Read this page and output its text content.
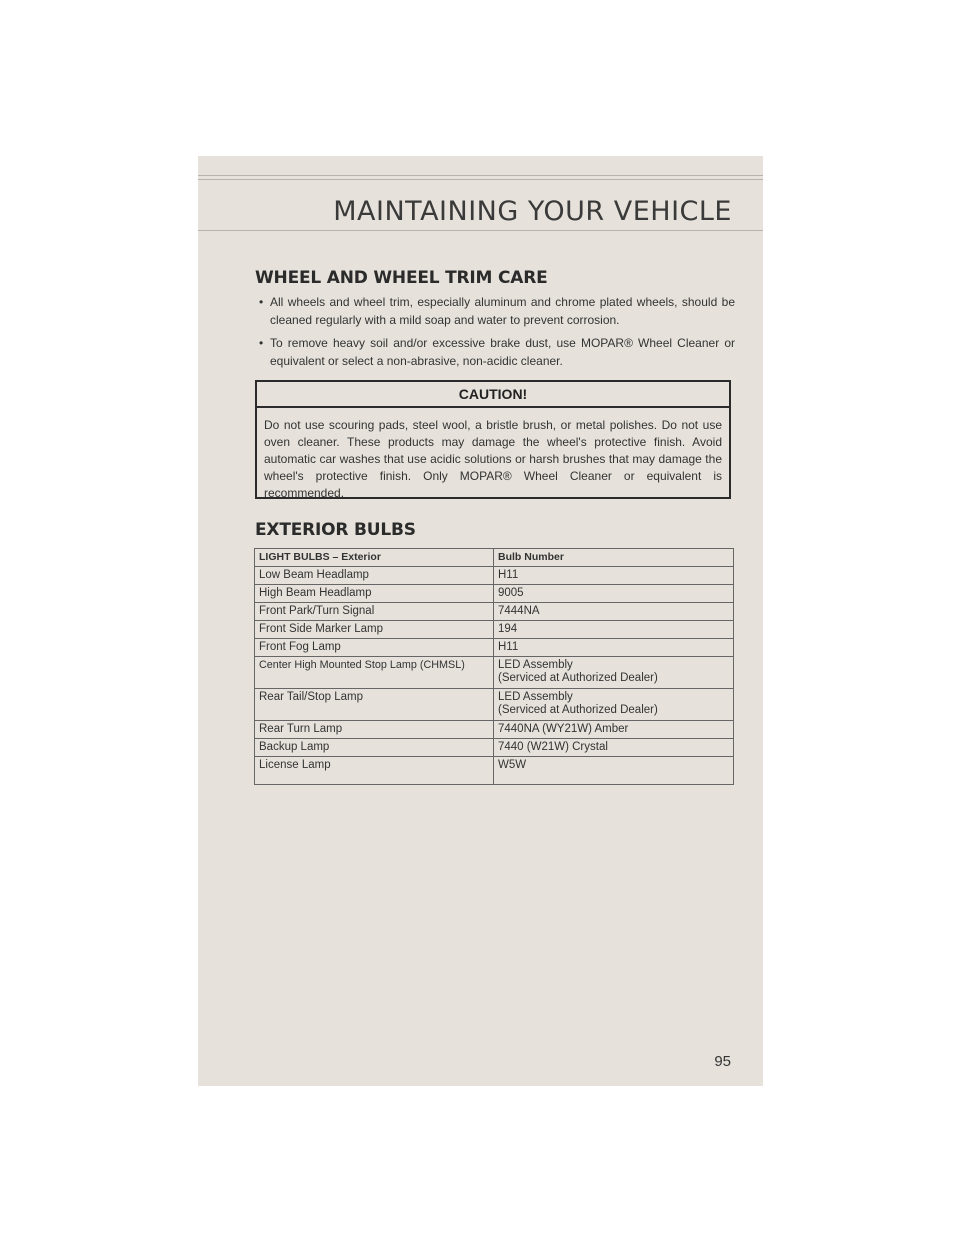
MAINTAINING YOUR VEHICLE
WHEEL AND WHEEL TRIM CARE
• All wheels and wheel trim, especially aluminum and chrome plated wheels, should be cleaned regularly with a mild soap and water to prevent corrosion.
• To remove heavy soil and/or excessive brake dust, use MOPAR® Wheel Cleaner or equivalent or select a non-abrasive, non-acidic cleaner.
CAUTION!
Do not use scouring pads, steel wool, a bristle brush, or metal polishes. Do not use oven cleaner. These products may damage the wheel's protective finish. Avoid automatic car washes that use acidic solutions or harsh brushes that may damage the wheel's protective finish. Only MOPAR® Wheel Cleaner or equivalent is recommended.
EXTERIOR BULBS
LIGHT BULBS – Exterior	Bulb Number
Low Beam Headlamp	H11
High Beam Headlamp	9005
Front Park/Turn Signal	7444NA
Front Side Marker Lamp	194
Front Fog Lamp	H11
Center High Mounted Stop Lamp (CHMSL)	LED Assembly
(Serviced at Authorized Dealer)

Rear Tail/Stop Lamp	LED Assembly
(Serviced at Authorized Dealer)

Rear Turn Lamp	7440NA (WY21W) Amber
Backup Lamp	7440 (W21W) Crystal
License Lamp	W5W
95
